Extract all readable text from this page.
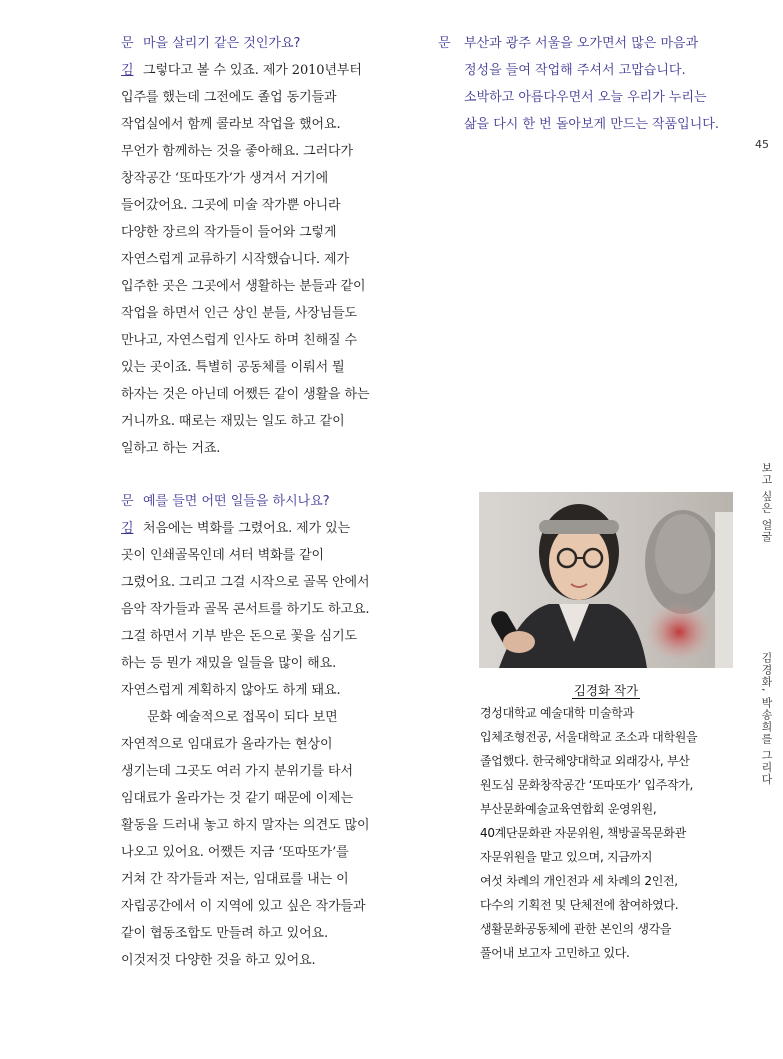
문 마을 살리기 같은 것인가요?
김 그렇다고 볼 수 있죠. 제가 2010년부터
입주를 했는데 그전에도 졸업 동기들과
작업실에서 함께 콜라보 작업을 했어요.
무언가 함께하는 것을 좋아해요. 그러다가
창작공간 ‘또따또가’가 생겨서 거기에
들어갔어요. 그곳에 미술 작가뿐 아니라
다양한 장르의 작가들이 들어와 그렇게
자연스럽게 교류하기 시작했습니다. 제가
입주한 곳은 그곳에서 생활하는 분들과 같이
작업을 하면서 인근 상인 분들, 사장님들도
만나고, 자연스럽게 인사도 하며 친해질 수
있는 곳이죠. 특별히 공동체를 이뤄서 뭘
하자는 것은 아닌데 어쨌든 같이 생활을 하는
거니까요. 때로는 재밌는 일도 하고 같이
일하고 하는 거죠.
문 예를 들면 어떤 일들을 하시나요?
김 처음에는 벽화를 그렸어요. 제가 있는
곳이 인쇄골목인데 셔터 벽화를 같이
그렸어요. 그리고 그걸 시작으로 골목 안에서
음악 작가들과 골목 콘서트를 하기도 하고요.
그걸 하면서 기부 받은 돈으로 꽃을 심기도
하는 등 뭔가 재밌을 일들을 많이 해요.
자연스럽게 계획하지 않아도 하게 돼요.
문화 예술적으로 접목이 되다 보면
자연적으로 임대료가 올라가는 현상이
생기는데 그곳도 여러 가지 분위기를 타서
임대료가 올라가는 것 같기 때문에 이제는
활동을 드러내 놓고 하지 말자는 의견도 많이
나오고 있어요. 어쨌든 지금 ‘또따또가’를
거쳐 간 작가들과 저는, 임대료를 내는 이
자립공간에서 이 지역에 있고 싶은 작가들과
같이 협동조합도 만들려 하고 있어요.
이것저것 다양한 것을 하고 있어요.
문 부산과 광주 서울을 오가면서 많은 마음과
정성을 들여 작업해 주셔서 고맙습니다.
소박하고 아름다우면서 오늘 우리가 누리는
삶을 다시 한 번 돌아보게 만드는 작품입니다.
45
보고 싶은 얼굴
김경화, 박송희를 그리다
김경화 작가
경성대학교 예술대학 미술학과
입체조형전공, 서울대학교 조소과 대학원을
졸업했다. 한국해양대학교 외래강사, 부산
원도심 문화창작공간 ‘또따또가’ 입주작가,
부산문화예술교육연합회 운영위원,
40계단문화관 자문위원, 책방골목문화관
자문위원을 맡고 있으며, 지금까지
여섯 차례의 개인전과 세 차례의 2인전,
다수의 기획전 및 단체전에 참여하였다.
생활문화공동체에 관한 본인의 생각을
풀어내 보고자 고민하고 있다.
